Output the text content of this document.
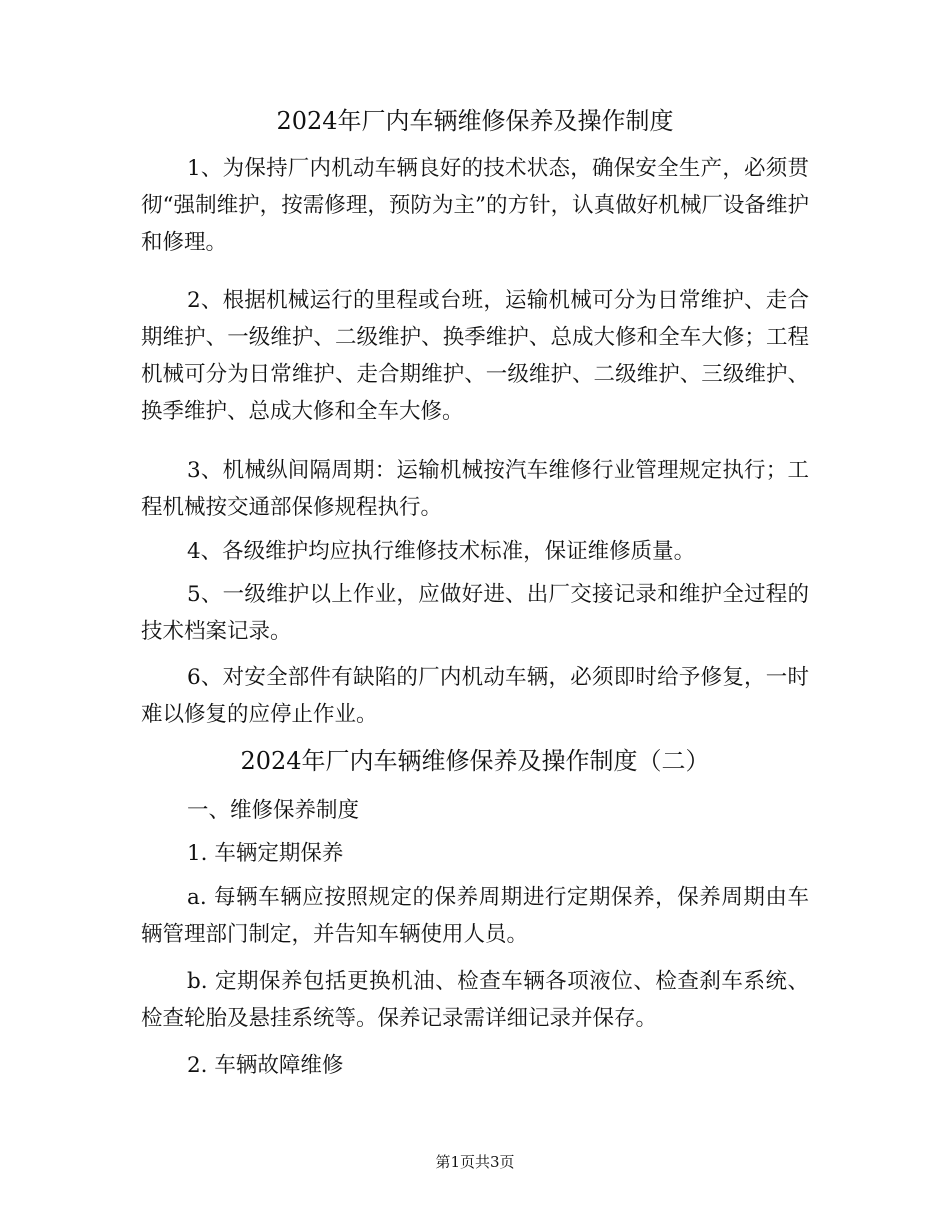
2024年厂内车辆维修保养及操作制度
1、为保持厂内机动车辆良好的技术状态，确保安全生产，必须贯彻“强制维护，按需修理，预防为主”的方针，认真做好机械厂设备维护和修理。
2、根据机械运行的里程或台班，运输机械可分为日常维护、走合期维护、一级维护、二级维护、换季维护、总成大修和全车大修；工程机械可分为日常维护、走合期维护、一级维护、二级维护、三级维护、换季维护、总成大修和全车大修。
3、机械纵间隔周期：运输机械按汽车维修行业管理规定执行；工程机械按交通部保修规程执行。
4、各级维护均应执行维修技术标准，保证维修质量。
5、一级维护以上作业，应做好进、出厂交接记录和维护全过程的技术档案记录。
6、对安全部件有缺陷的厂内机动车辆，必须即时给予修复，一时难以修复的应停止作业。
2024年厂内车辆维修保养及操作制度（二）
一、维修保养制度
1. 车辆定期保养
a. 每辆车辆应按照规定的保养周期进行定期保养，保养周期由车辆管理部门制定，并告知车辆使用人员。
b. 定期保养包括更换机油、检查车辆各项液位、检查刹车系统、检查轮胎及悬挂系统等。保养记录需详细记录并保存。
2. 车辆故障维修
第1页共3页
